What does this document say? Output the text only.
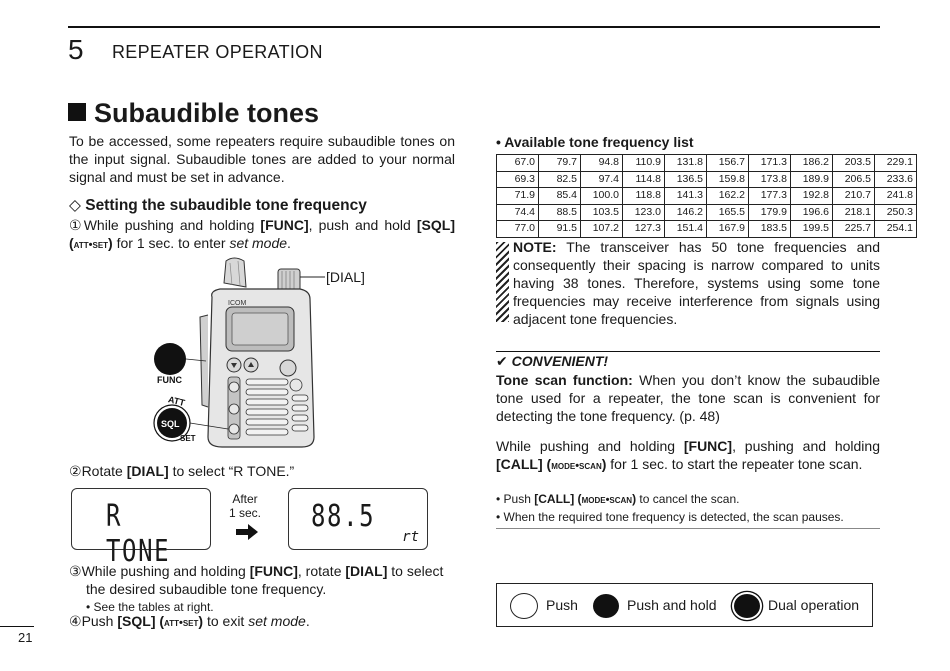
5 REPEATER OPERATION
Subaudible tones
To be accessed, some repeaters require subaudible tones on the input signal. Subaudible tones are added to your normal signal and must be set in advance.
◇ Setting the subaudible tone frequency
①While pushing and holding [FUNC], push and hold [SQL] (att•set) for 1 sec. to enter set mode.
ICOM
FUNC
SQL
ATT
SET
[DIAL]
②Rotate [DIAL] to select “R TONE.”
R TONE
After 1 sec. 88.5
rt
③While pushing and holding [FUNC], rotate [DIAL] to select
the desired subaudible tone frequency.
• See the tables at right.
④Push [SQL] (att•set) to exit set mode.
21
• Available tone frequency list
67.0	79.7	94.8	110.9	131.8	156.7	171.3	186.2	203.5	229.1
69.3	82.5	97.4	114.8	136.5	159.8	173.8	189.9	206.5	233.6
71.9	85.4	100.0	118.8	141.3	162.2	177.3	192.8	210.7	241.8
74.4	88.5	103.5	123.0	146.2	165.5	179.9	196.6	218.1	250.3
77.0	91.5	107.2	127.3	151.4	167.9	183.5	199.5	225.7	254.1
NOTE: The transceiver has 50 tone frequencies and consequently their spacing is narrow compared to units having 38 tones. Therefore, systems using some tone frequencies may receive interference from signals using adjacent tone frequencies.
✔ CONVENIENT!
Tone scan function: When you don’t know the subaudible tone used for a repeater, the tone scan is convenient for detecting the tone frequency. (p. 48)
While pushing and holding [FUNC], pushing and holding [CALL] (mode•scan) for 1 sec. to start the repeater tone scan.
• Push [CALL] (mode•scan) to cancel the scan.
• When the required tone frequency is detected, the scan pauses.
Push	Push and hold	Dual operation
